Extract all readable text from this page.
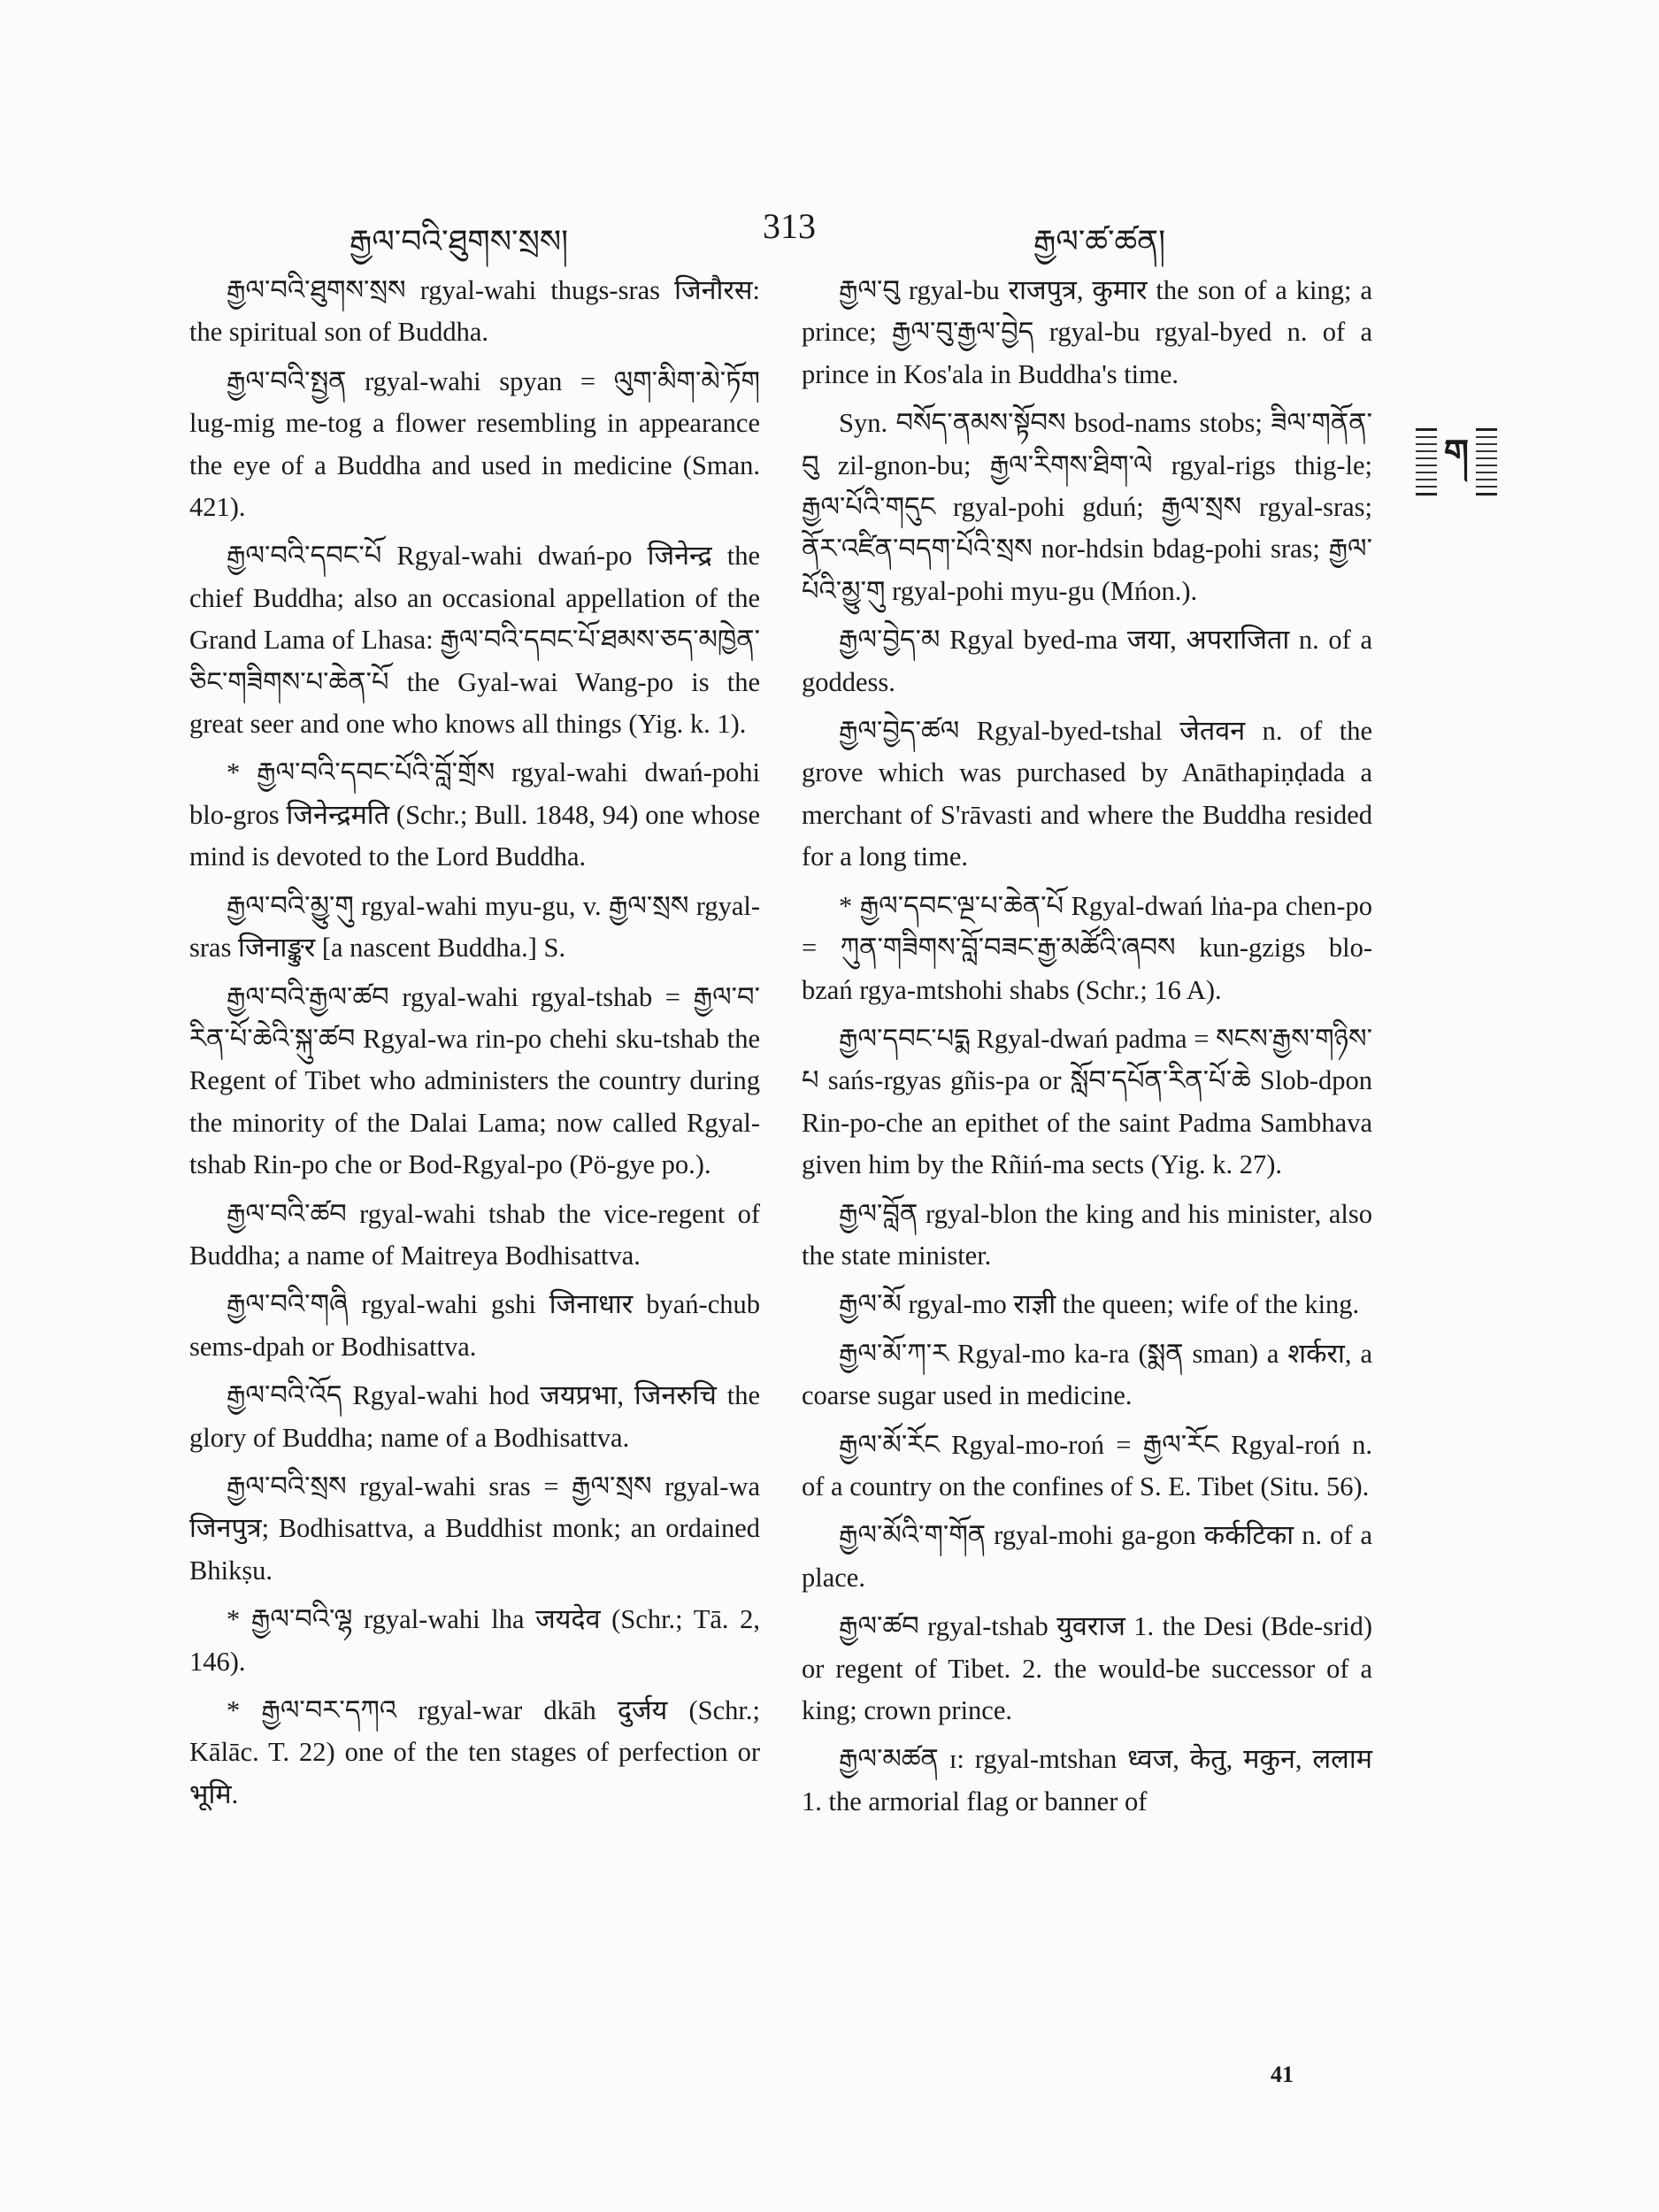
རྒྱལ་བའི་ཐུགས་སྲས།	313	རྒྱལ་ཚ་ཚན།
ག

རྒྱལ་བའི་ཐུགས་སྲས rgyal-wahi thugs-sras जिनौरस: the spiritual son of Buddha.

རྒྱལ་བའི་སྤྱན rgyal-wahi spyan = ལུག་མིག་མེ་ཏོག lug-mig me-tog a flower resembling in appearance the eye of a Buddha and used in medicine (Sman. 421).

རྒྱལ་བའི་དབང་པོ Rgyal-wahi dwań-po जिनेन्द्र the chief Buddha; also an occasional appellation of the Grand Lama of Lhasa: རྒྱལ་བའི་དབང་པོ་ཐམས་ཅད་མཁྱེན་ཅིང་གཟིགས་པ་ཆེན་པོ the Gyal-wai Wang-po is the great seer and one who knows all things (Yig. k. 1).

* རྒྱལ་བའི་དབང་པོའི་བློ་གྲོས rgyal-wahi dwań-pohi blo-gros जिनेन्द्रमति (Schr.; Bull. 1848, 94) one whose mind is devoted to the Lord Buddha.

རྒྱལ་བའི་མྱུ་གུ rgyal-wahi myu-gu, v. རྒྱལ་སྲས rgyal-sras जिनाङ्कुर [a nascent Buddha.] S.

རྒྱལ་བའི་རྒྱལ་ཚབ rgyal-wahi rgyal-tshab = རྒྱལ་བ་རིན་པོ་ཆེའི་སྐུ་ཚབ Rgyal-wa rin-po chehi sku-tshab the Regent of Tibet who administers the country during the minority of the Dalai Lama; now called Rgyal-tshab Rin-po che or Bod-Rgyal-po (Pö-gye po.).

རྒྱལ་བའི་ཚབ rgyal-wahi tshab the vice-regent of Buddha; a name of Maitreya Bodhisattva.

རྒྱལ་བའི་གཞི rgyal-wahi gshi जिनाधार byań-chub sems-dpah or Bodhisattva.

རྒྱལ་བའི་འོད Rgyal-wahi hod जयप्रभा, जिनरुचि the glory of Buddha; name of a Bodhisattva.

རྒྱལ་བའི་སྲས rgyal-wahi sras = རྒྱལ་སྲས rgyal-wa जिनपुत्र; Bodhisattva, a Buddhist monk; an ordained Bhikṣu.

* རྒྱལ་བའི་ལྷ rgyal-wahi lha जयदेव (Schr.; Tā. 2, 146).

* རྒྱལ་བར་དཀའ rgyal-war dkāh दुर्जय (Schr.; Kālāc. T. 22) one of the ten stages of perfection or भूमि.

རྒྱལ་བུ rgyal-bu राजपुत्र, कुमार the son of a king; a prince; རྒྱལ་བུ་རྒྱལ་བྱེད rgyal-bu rgyal-byed n. of a prince in Kos'ala in Buddha's time.

Syn. བསོད་ནམས་སྟོབས bsod-nams stobs; ཟིལ་གནོན་བུ zil-gnon-bu; རྒྱལ་རིགས་ཐིག་ལེ rgyal-rigs thig-le; རྒྱལ་པོའི་གདུང rgyal-pohi gduń; རྒྱལ་སྲས rgyal-sras; ནོར་འཛིན་བདག་པོའི་སྲས nor-hdsin bdag-pohi sras; རྒྱལ་པོའི་མྱུ་གུ rgyal-pohi myu-gu (Mńon.).

རྒྱལ་བྱེད་མ Rgyal byed-ma जया, अपराजिता n. of a goddess.

རྒྱལ་བྱེད་ཚལ Rgyal-byed-tshal जेतवन n. of the grove which was purchased by Anāthapiṇḍada a merchant of S'rāvasti and where the Buddha resided for a long time.

* རྒྱལ་དབང་ལྔ་པ་ཆེན་པོ Rgyal-dwań lṅa-pa chen-po = ཀུན་གཟིགས་བློ་བཟང་རྒྱ་མཚོའི་ཞབས kun-gzigs blo-bzań rgya-mtshohi shabs (Schr.; 16 A).

རྒྱལ་དབང་པདྨ Rgyal-dwań padma = སངས་རྒྱས་གཉིས་པ sańs-rgyas gñis-pa or སློབ་དཔོན་རིན་པོ་ཆེ Slob-dpon Rin-po-che an epithet of the saint Padma Sambhava given him by the Rñiń-ma sects (Yig. k. 27).

རྒྱལ་བློན rgyal-blon the king and his minister, also the state minister.

རྒྱལ་མོ rgyal-mo राज्ञी the queen; wife of the king.

རྒྱལ་མོ་ཀ་ར Rgyal-mo ka-ra (སྨན sman) a शर्करा, a coarse sugar used in medicine.

རྒྱལ་མོ་རོང Rgyal-mo-roń = རྒྱལ་རོང Rgyal-roń n. of a country on the confines of S. E. Tibet (Situ. 56).

རྒྱལ་མོའི་ག་གོན rgyal-mohi ga-gon कर्कटिका n. of a place.

རྒྱལ་ཚབ rgyal-tshab युवराज 1. the Desi (Bde-srid) or regent of Tibet. 2. the would-be successor of a king; crown prince.

རྒྱལ་མཚན ɪ: rgyal-mtshan ध्वज, केतु, मकुन, ललाम 1. the armorial flag or banner of

41
